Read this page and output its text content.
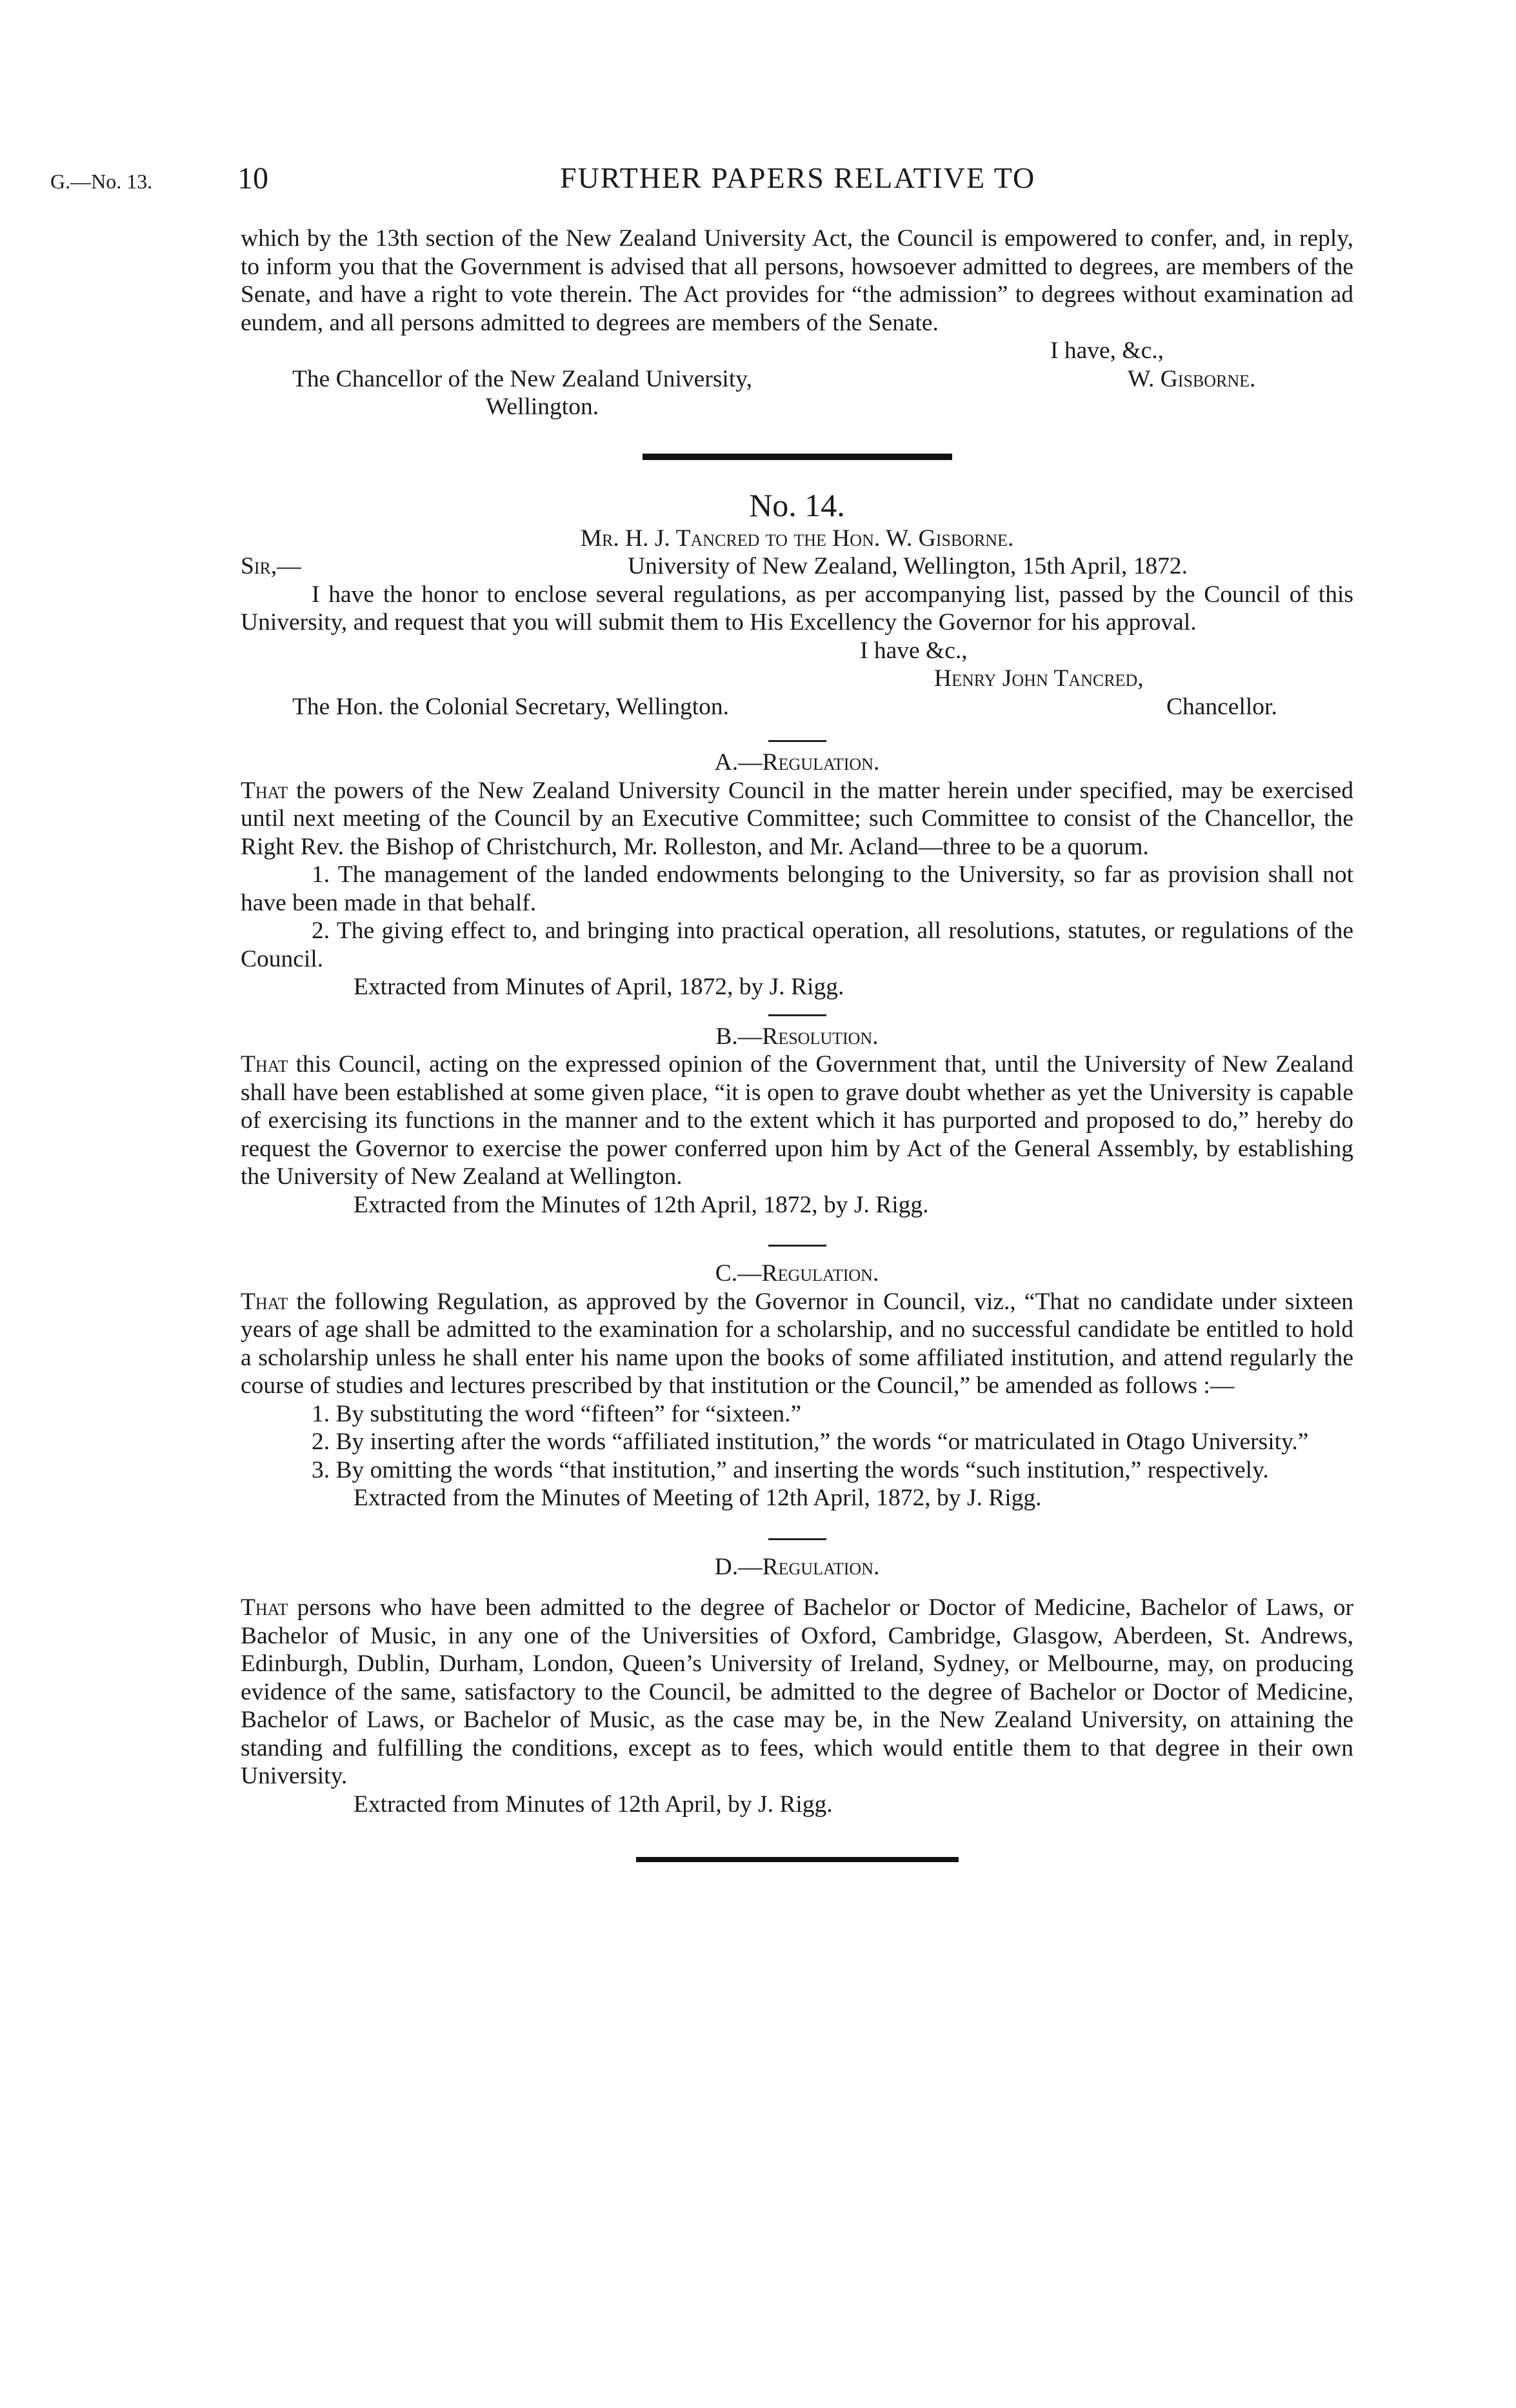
G.—No. 13.	10	FURTHER PAPERS RELATIVE TO

which by the 13th section of the New Zealand University Act, the Council is empowered to confer, and, in reply, to inform you that the Government is advised that all persons, howsoever admitted to degrees, are members of the Senate, and have a right to vote therein. The Act provides for “the admission” to degrees without examination ad eundem, and all persons admitted to degrees are members of the Senate.

I have, &c.,
The Chancellor of the New Zealand University,	W. Gisborne.
Wellington.

No. 14.

Mr. H. J. Tancred to the Hon. W. Gisborne.

Sir,—	University of New Zealand, Wellington, 15th April, 1872.

I have the honor to enclose several regulations, as per accompanying list, passed by the Council of this University, and request that you will submit them to His Excellency the Governor for his approval.

I have &c.,
Henry John Tancred,
The Hon. the Colonial Secretary, Wellington.	Chancellor.

A.—Regulation.

That the powers of the New Zealand University Council in the matter herein under specified, may be exercised until next meeting of the Council by an Executive Committee; such Committee to consist of the Chancellor, the Right Rev. the Bishop of Christchurch, Mr. Rolleston, and Mr. Acland—three to be a quorum.

1. The management of the landed endowments belonging to the University, so far as provision shall not have been made in that behalf.

2. The giving effect to, and bringing into practical operation, all resolutions, statutes, or regulations of the Council.

Extracted from Minutes of April, 1872, by J. Rigg.

B.—Resolution.

That this Council, acting on the expressed opinion of the Government that, until the University of New Zealand shall have been established at some given place, “it is open to grave doubt whether as yet the University is capable of exercising its functions in the manner and to the extent which it has purported and proposed to do,” hereby do request the Governor to exercise the power conferred upon him by Act of the General Assembly, by establishing the University of New Zealand at Wellington.

Extracted from the Minutes of 12th April, 1872, by J. Rigg.

C.—Regulation.

That the following Regulation, as approved by the Governor in Council, viz., “That no candidate under sixteen years of age shall be admitted to the examination for a scholarship, and no successful candidate be entitled to hold a scholarship unless he shall enter his name upon the books of some affiliated institution, and attend regularly the course of studies and lectures prescribed by that institution or the Council,” be amended as follows :—

1. By substituting the word “fifteen” for “sixteen.”

2. By inserting after the words “affiliated institution,” the words “or matriculated in Otago University.”

3. By omitting the words “that institution,” and inserting the words “such institution,” respectively.

Extracted from the Minutes of Meeting of 12th April, 1872, by J. Rigg.

D.—Regulation.

That persons who have been admitted to the degree of Bachelor or Doctor of Medicine, Bachelor of Laws, or Bachelor of Music, in any one of the Universities of Oxford, Cambridge, Glasgow, Aberdeen, St. Andrews, Edinburgh, Dublin, Durham, London, Queen’s University of Ireland, Sydney, or Melbourne, may, on producing evidence of the same, satisfactory to the Council, be admitted to the degree of Bachelor or Doctor of Medicine, Bachelor of Laws, or Bachelor of Music, as the case may be, in the New Zealand University, on attaining the standing and fulfilling the conditions, except as to fees, which would entitle them to that degree in their own University.

Extracted from Minutes of 12th April, by J. Rigg.
